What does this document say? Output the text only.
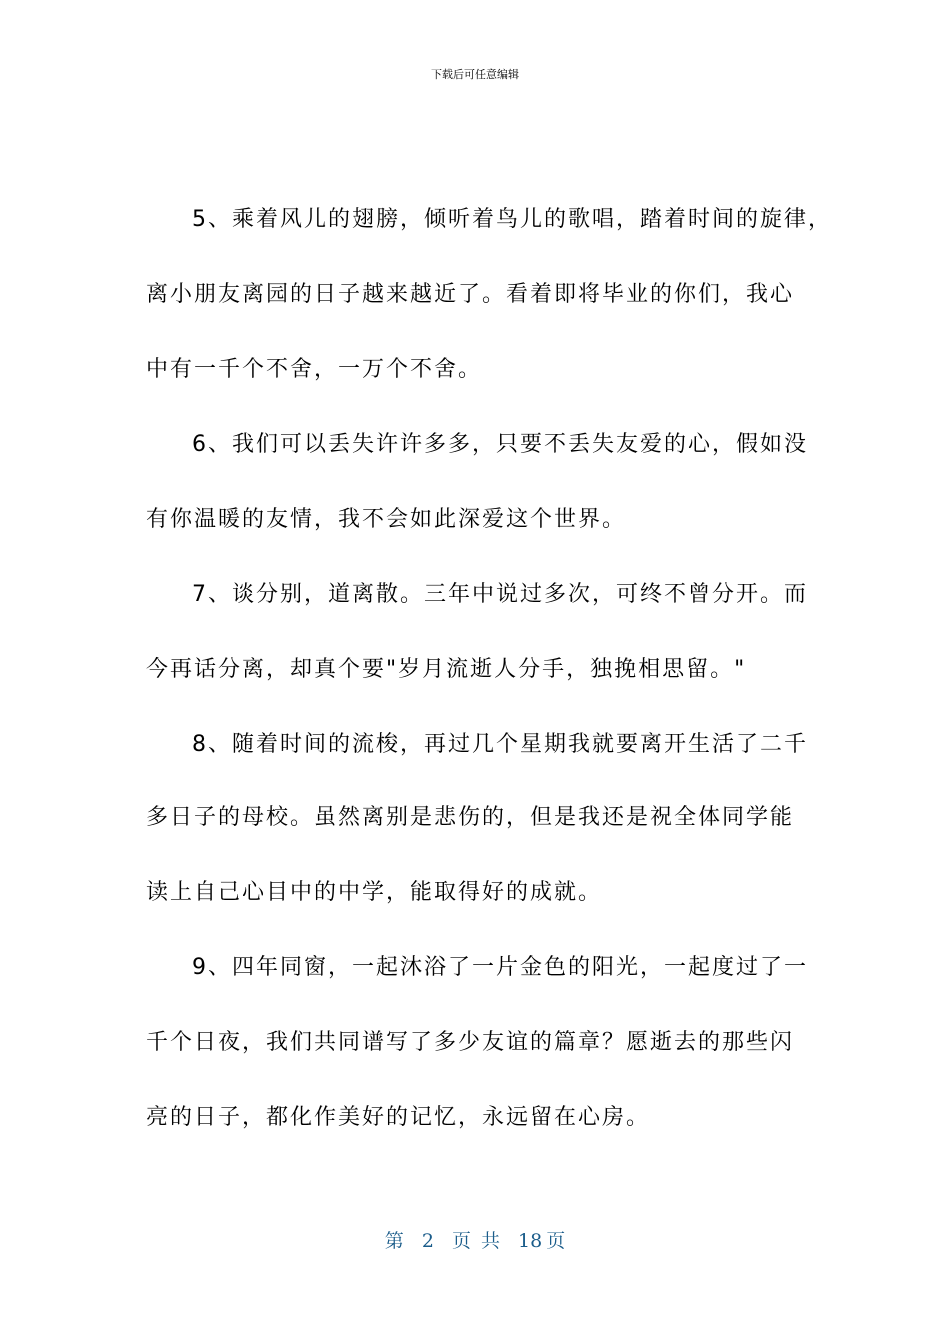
下载后可任意编辑
5、乘着风儿的翅膀，倾听着鸟儿的歌唱，踏着时间的旋律，
离小朋友离园的日子越来越近了。看着即将毕业的你们，我心
中有一千个不舍，一万个不舍。
6、我们可以丢失许许多多，只要不丢失友爱的心，假如没
有你温暖的友情，我不会如此深爱这个世界。
7、谈分别，道离散。三年中说过多次，可终不曾分开。而
今再话分离，却真个要"岁月流逝人分手，独挽相思留。"
8、随着时间的流梭，再过几个星期我就要离开生活了二千
多日子的母校。虽然离别是悲伤的，但是我还是祝全体同学能
读上自己心目中的中学，能取得好的成就。
9、四年同窗，一起沐浴了一片金色的阳光，一起度过了一
千个日夜，我们共同谱写了多少友谊的篇章？愿逝去的那些闪
亮的日子，都化作美好的记忆，永远留在心房。
第 2 页 共 18 页
